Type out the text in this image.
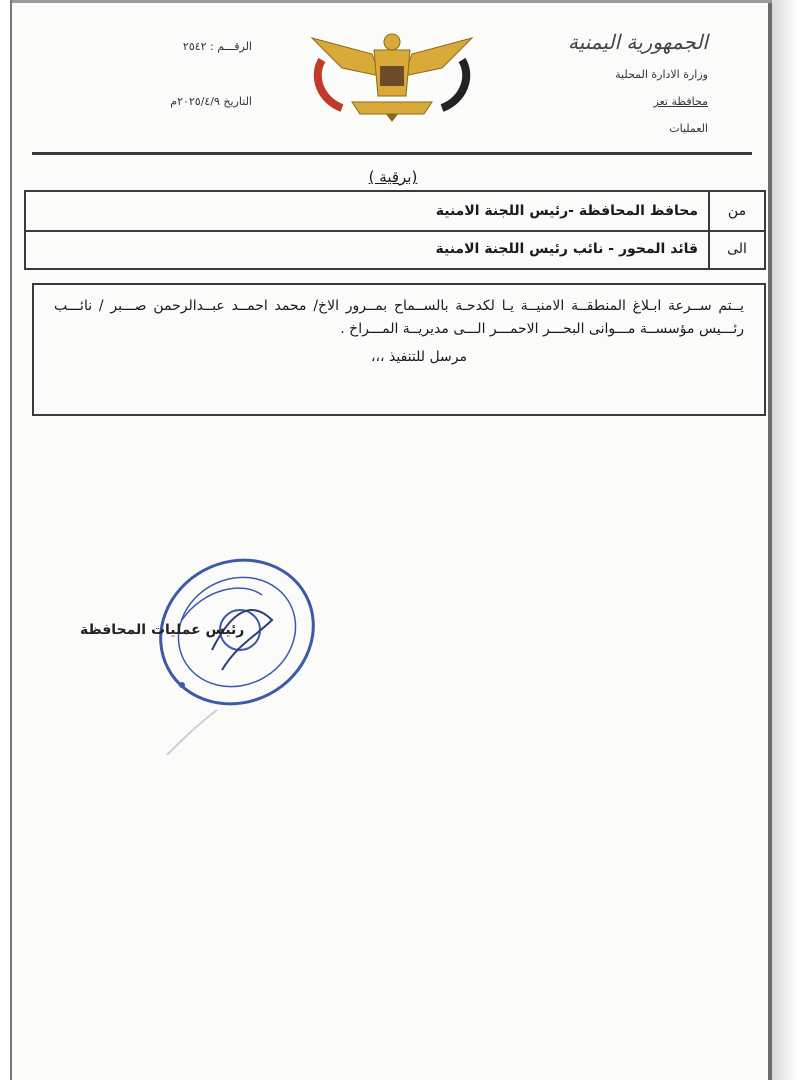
الجمهورية اليمنية
وزارة الادارة المحلية
محافظة تعز
العمليات
الرقـــم : ٢٥٤٢
التاريخ ٢٠٢٥/٤/٩م
(برقية )
من
محافظ المحافظة -رئيس اللجنة الامنية
الى
قائد المحور - نائب رئيس اللجنة الامنية
يــتم ســرعة ابـلاغ المنطقــة الامنيــة يـا لكدحـة بالســماح بمــرور الاخ/ محمد احمــد عبــدالرحمن صـــبر / نائـــب رئـــيس مؤسســة مـــوانى البحـــر الاحمـــر الـــى مديريــة المـــراخ .
مرسل للتنفيذ ،،،
رئيس عمليات المحافظة
